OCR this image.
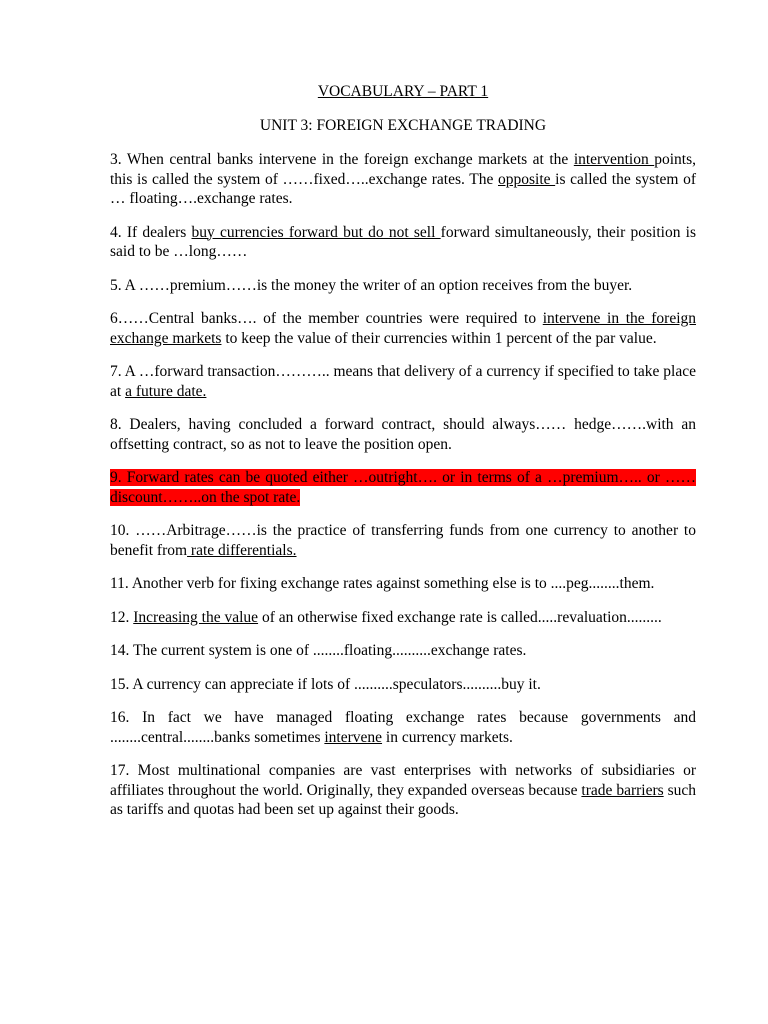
VOCABULARY – PART 1

UNIT 3: FOREIGN EXCHANGE TRADING

3. When central banks intervene in the foreign exchange markets at the intervention points, this is called the system of ……fixed…..exchange rates. The opposite is called the system of … floating….exchange rates.

4. If dealers buy currencies forward but do not sell forward simultaneously, their position is said to be …long……

5. A ……premium……is the money the writer of an option receives from the buyer.

6……Central banks…. of the member countries were required to intervene in the foreign exchange markets to keep the value of their currencies within 1 percent of the par value.

7. A …forward transaction……….. means that delivery of a currency if specified to take place at a future date.

8. Dealers, having concluded a forward contract, should always…… hedge…….with an offsetting contract, so as not to leave the position open.

9. Forward rates can be quoted either …outright…. or in terms of a …premium….. or ……discount……..on the spot rate.

10. ……Arbitrage……is the practice of transferring funds from one currency to another to benefit from rate differentials.

11. Another verb for fixing exchange rates against something else is to ....peg........them.

12. Increasing the value of an otherwise fixed exchange rate is called.....revaluation.........

14. The current system is one of ........floating..........exchange rates.

15. A currency can appreciate if lots of ..........speculators..........buy it.

16. In fact we have managed floating exchange rates because governments and ........central........banks sometimes intervene in currency markets.

17. Most multinational companies are vast enterprises with networks of subsidiaries or affiliates throughout the world. Originally, they expanded overseas because trade barriers such as tariffs and quotas had been set up against their goods.
